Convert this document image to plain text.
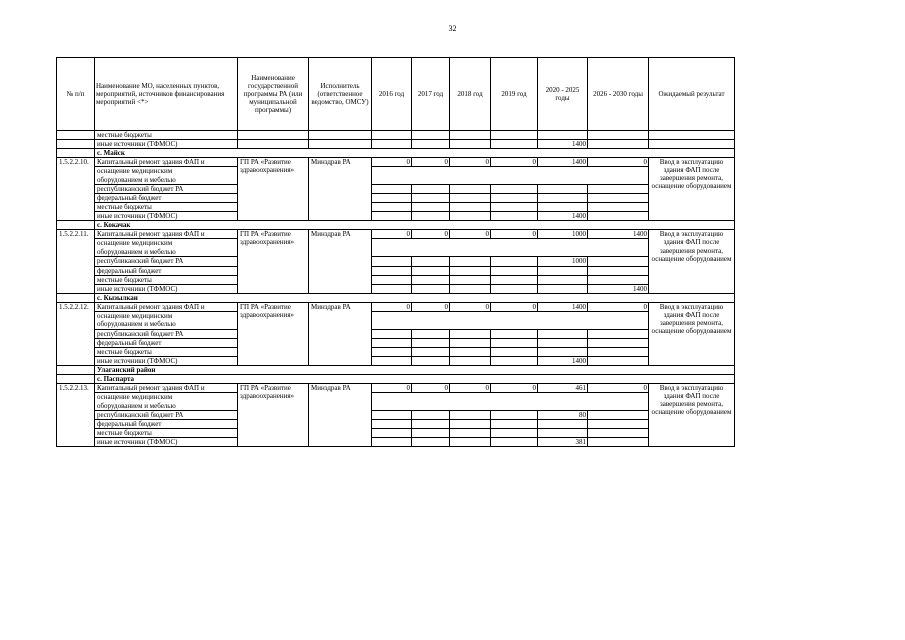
32
№ п/п	Наименование МО, населенных пунктов, мероприятий, источников финансирования мероприятий <*>	Наименование государственной программы РА (или муниципальной программы)	Исполнитель (ответственное ведомство, ОМСУ)	2016 год	2017 год	2018 год	2019 год	2020 - 2025 годы	2026 - 2030 годы	Ожидаемый результат
	местные бюджеты									
	иные источники (ТФМОС)							1400		
	с. Майск									
1.5.2.2.10.	Капитальный ремонт здания ФАП и	ГП РА «Развитие здравоохранения»	Минздрав РА	0	0	0	0	1400	0	Ввод в эксплуатацию здания ФАП после завершения ремонта, оснащение оборудованием
	оснащение медицинским									
	оборудованием и мебелью									
	республиканский бюджет РА									
	федеральный бюджет									
	местные бюджеты									
	иные источники (ТФМОС)							1400		
	с. Кокачак									
1.5.2.2.11.	Капитальный ремонт здания ФАП и	ГП РА «Развитие здравоохранения»	Минздрав РА	0	0	0	0	1000	1400	Ввод в эксплуатацию здания ФАП после завершения ремонта, оснащение оборудованием
	оснащение медицинским									
	оборудованием и мебелью									
	республиканский бюджет РА							1000		
	федеральный бюджет									
	местные бюджеты									
	иные источники (ТФМОС)								1400	
	с. Кызылкан									
1.5.2.2.12.	Капитальный ремонт здания ФАП и	ГП РА «Развитие здравоохранения»	Минздрав РА	0	0	0	0	1400	0	Ввод в эксплуатацию здания ФАП после завершения ремонта, оснащение оборудованием
	оснащение медицинским									
	оборудованием и мебелью									
	республиканский бюджет РА									
	федеральный бюджет									
	местные бюджеты									
	иные источники (ТФМОС)							1400		
	Улаганский район									
	с. Паспарта									
1.5.2.2.13.	Капитальный ремонт здания ФАП и	ГП РА «Развитие здравоохранения»	Минздрав РА	0	0	0	0	461	0	Ввод в эксплуатацию здания ФАП после завершения ремонта, оснащение оборудованием
	оснащение медицинским									
	оборудованием и мебелью									
	республиканский бюджет РА							80		
	федеральный бюджет									
	местные бюджеты									
	иные источники (ТФМОС)							381		
